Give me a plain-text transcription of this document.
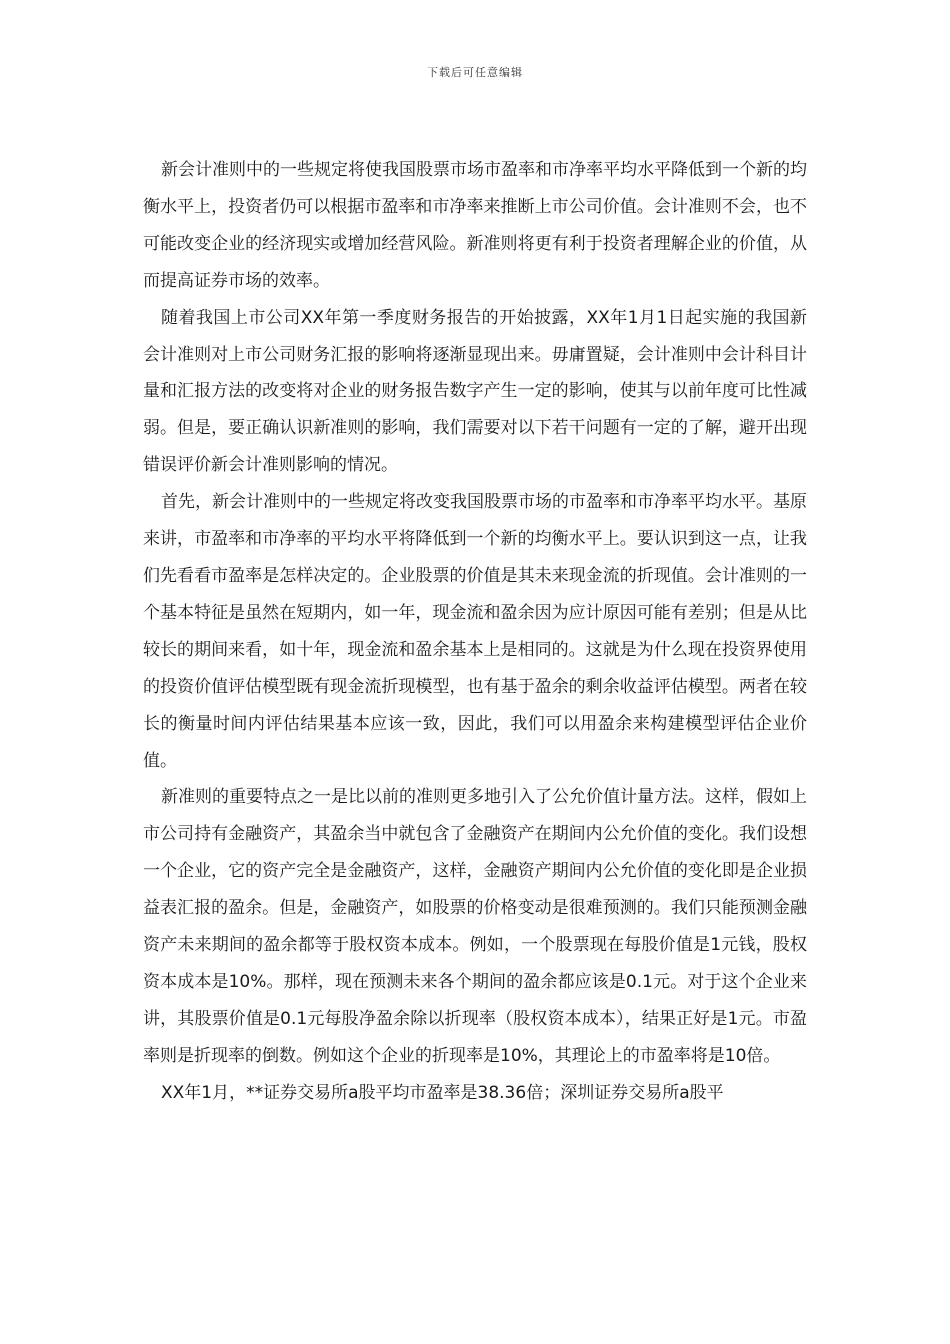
下载后可任意编辑

新会计准则中的一些规定将使我国股票市场市盈率和市净率平均水平降低到一个新的均衡水平上，投资者仍可以根据市盈率和市净率来推断上市公司价值。会计准则不会，也不可能改变企业的经济现实或增加经营风险。新准则将更有利于投资者理解企业的价值，从而提高证券市场的效率。

随着我国上市公司XX年第一季度财务报告的开始披露，XX年1月1日起实施的我国新会计准则对上市公司财务汇报的影响将逐渐显现出来。毋庸置疑，会计准则中会计科目计量和汇报方法的改变将对企业的财务报告数字产生一定的影响，使其与以前年度可比性减弱。但是，要正确认识新准则的影响，我们需要对以下若干问题有一定的了解，避开出现错误评价新会计准则影响的情况。

首先，新会计准则中的一些规定将改变我国股票市场的市盈率和市净率平均水平。基原来讲，市盈率和市净率的平均水平将降低到一个新的均衡水平上。要认识到这一点，让我们先看看市盈率是怎样决定的。企业股票的价值是其未来现金流的折现值。会计准则的一个基本特征是虽然在短期内，如一年，现金流和盈余因为应计原因可能有差别；但是从比较长的期间来看，如十年，现金流和盈余基本上是相同的。这就是为什么现在投资界使用的投资价值评估模型既有现金流折现模型，也有基于盈余的剩余收益评估模型。两者在较长的衡量时间内评估结果基本应该一致，因此，我们可以用盈余来构建模型评估企业价值。

新准则的重要特点之一是比以前的准则更多地引入了公允价值计量方法。这样，假如上市公司持有金融资产，其盈余当中就包含了金融资产在期间内公允价值的变化。我们设想一个企业，它的资产完全是金融资产，这样，金融资产期间内公允价值的变化即是企业损益表汇报的盈余。但是，金融资产，如股票的价格变动是很难预测的。我们只能预测金融资产未来期间的盈余都等于股权资本成本。例如，一个股票现在每股价值是1元钱，股权资本成本是10%。那样，现在预测未来各个期间的盈余都应该是0.1元。对于这个企业来讲，其股票价值是0.1元每股净盈余除以折现率（股权资本成本），结果正好是1元。市盈率则是折现率的倒数。例如这个企业的折现率是10%，其理论上的市盈率将是10倍。

XX年1月，**证券交易所a股平均市盈率是38.36倍；深圳证券交易所a股平
